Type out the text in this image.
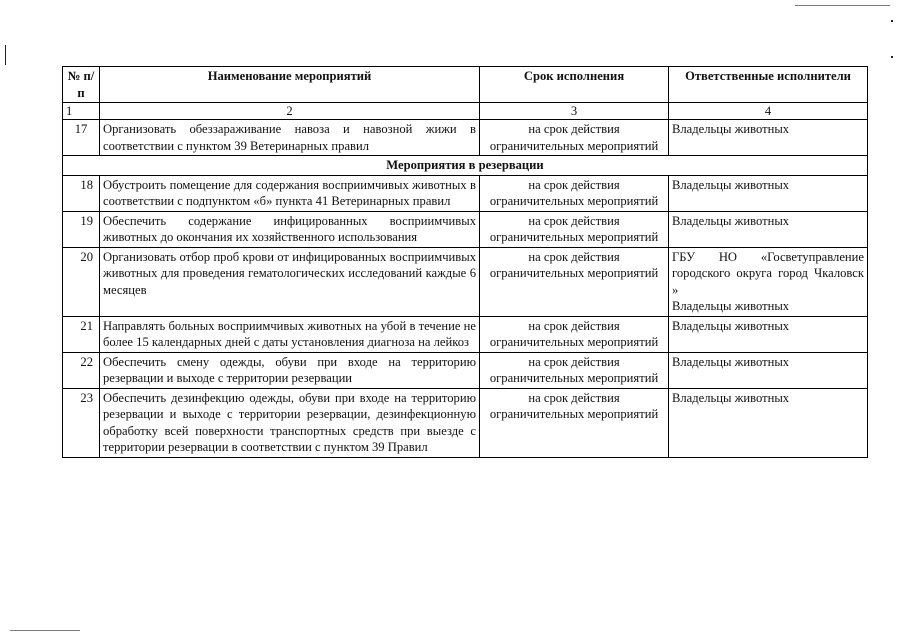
№ п/п	Наименование мероприятий	Срок исполнения	Ответственные исполнители
1	2	3	4
17	Организовать обеззараживание навоза и навозной жижи в соответствии с пунктом 39 Ветеринарных правил	на срок действия ограничительных мероприятий	Владельцы животных
Мероприятия в резервации			
18	Обустроить помещение для содержания восприимчивых животных в соответствии с подпунктом «б» пункта 41 Ветеринарных правил	на срок действия ограничительных мероприятий	Владельцы животных
19	Обеспечить содержание инфицированных восприимчивых животных до окончания их хозяйственного использования	на срок действия ограничительных мероприятий	Владельцы животных
20	Организовать отбор проб крови от инфицированных восприимчивых животных для проведения гематологических исследований каждые 6 месяцев	на срок действия ограничительных мероприятий	ГБУ НО «Госветуправление городского округа город Чкаловск »
Владельцы животных

21	Направлять больных восприимчивых животных на убой в течение не более 15 календарных дней с даты установления диагноза на лейкоз	на срок действия ограничительных мероприятий	Владельцы животных
22	Обеспечить смену одежды, обуви при входе на территорию резервации и выходе с территории резервации	на срок действия ограничительных мероприятий	Владельцы животных
23	Обеспечить дезинфекцию одежды, обуви при входе на территорию резервации и выходе с территории резервации, дезинфекционную обработку всей поверхности транспортных средств при выезде с территории резервации в соответствии с пунктом 39 Правил	на срок действия ограничительных мероприятий	Владельцы животных
